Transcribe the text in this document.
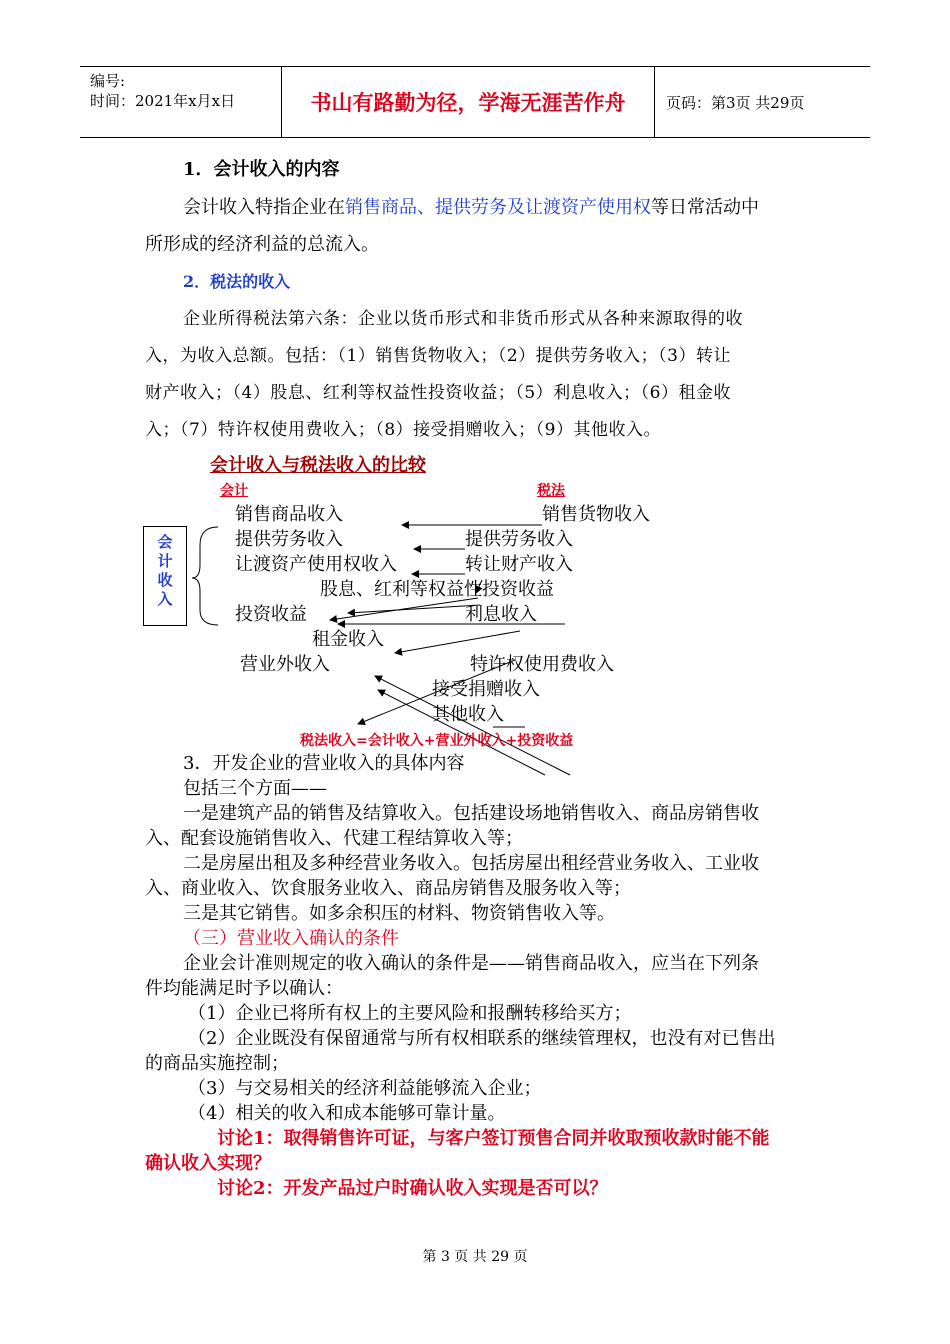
编号:
时间：2021年x月x日	书山有路勤为径，学海无涯苦作舟	页码：第3页 共29页
1．会计收入的内容
会计收入特指企业在销售商品、提供劳务及让渡资产使用权等日常活动中
所形成的经济利益的总流入。
2．税法的收入
企业所得税法第六条：企业以货币形式和非货币形式从各种来源取得的收
入，为收入总额。包括：（1）销售货物收入；（2）提供劳务收入；（3）转让
财产收入；（4）股息、红利等权益性投资收益；（5）利息收入；（6）租金收
入；（7）特许权使用费收入；（8）接受捐赠收入；（9）其他收入。
会计收入与税法收入的比较
会计	税法
会
计
收
入
销售商品收入
提供劳务收入
让渡资产使用权收入
投资收益
租金收入
营业外收入
销售货物收入
提供劳务收入
转让财产收入
股息、红利等权益性投资收益
利息收入
特许权使用费收入
接受捐赠收入
其他收入
税法收入=会计收入+营业外收入+投资收益
3．开发企业的营业收入的具体内容
包括三个方面——
一是建筑产品的销售及结算收入。包括建设场地销售收入、商品房销售收
入、配套设施销售收入、代建工程结算收入等；
二是房屋出租及多种经营业务收入。包括房屋出租经营业务收入、工业收
入、商业收入、饮食服务业收入、商品房销售及服务收入等；
三是其它销售。如多余积压的材料、物资销售收入等。
（三）营业收入确认的条件
企业会计准则规定的收入确认的条件是——销售商品收入，应当在下列条
件均能满足时予以确认：
（1）企业已将所有权上的主要风险和报酬转移给买方；
（2）企业既没有保留通常与所有权相联系的继续管理权，也没有对已售出
的商品实施控制；
（3）与交易相关的经济利益能够流入企业；
（4）相关的收入和成本能够可靠计量。
讨论1：取得销售许可证，与客户签订预售合同并收取预收款时能不能
确认收入实现？
讨论2：开发产品过户时确认收入实现是否可以？
第 3 页 共 29 页
